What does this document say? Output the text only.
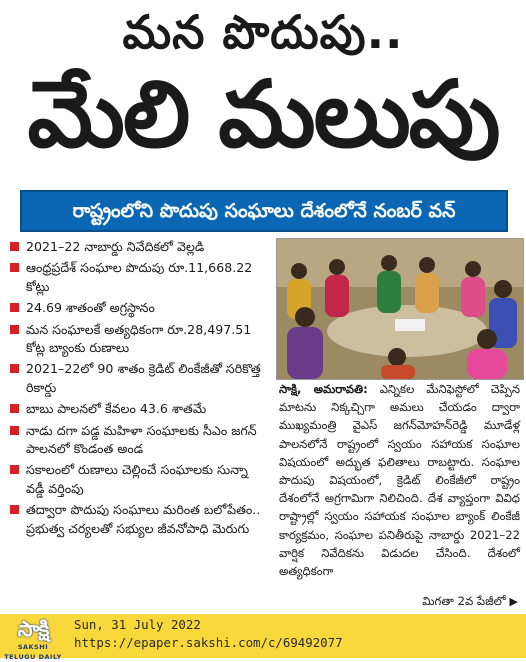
మన పొదుపు..
మేలి మలుపు
రాష్ట్రంలోని పొదుపు సంఘాలు దేశంలోనే నంబర్ వన్
2021–22 నాబార్డు నివేదికలో వెల్లడి
ఆంధ్రప్రదేశ్ సంఘాల పొదుపు రూ.11,668.22 కోట్లు
24.69 శాతంతో అగ్రస్థానం
మన సంఘాలకే అత్యధికంగా రూ.28,497.51 కోట్ల బ్యాంకు రుణాలు
2021–22లో 90 శాతం క్రెడిట్ లింకేజీతో సరికొత్త రికార్డు
బాబు పాలనలో కేవలం 43.6 శాతమే
నాడు దగా పడ్డ మహిళా సంఘాలకు సీఎం జగన్ పాలనలో కొండంత అండ
సకాలంలో రుణాలు చెల్లించే సంఘాలకు సున్నా వడ్డీ వర్తింపు
తద్వారా పొదుపు సంఘాలు మరింత బలోపేతం.. ప్రభుత్వ చర్యలతో సభ్యుల జీవనోపాధి మెరుగు

సాక్షి, అమరావతి: ఎన్నికల మేనిఫెస్టోలో చెప్పిన మాటను నిక్కచ్చిగా అమలు చేయడం ద్వారా ముఖ్యమంత్రి వైఎస్ జగన్‌మోహన్‌రెడ్డి మూడేళ్ల పాలనలోనే రాష్ట్రంలో స్వయం సహాయక సంఘాల విషయంలో అద్భుత ఫలితాలు రాబట్టారు. సంఘాల పొదుపు విషయంలో, క్రెడిట్ లింకేజీలో రాష్ట్రం దేశంలోనే అగ్రగామిగా నిలిచింది. దేశ వ్యాప్తంగా వివిధ రాష్ట్రాల్లో స్వయం సహాయక సంఘాల బ్యాంక్ లింకేజీ కార్యక్రమం, సంఘాల పనితీరుపై నాబార్డు 2021–22 వార్షిక నివేదికను విడుదల చేసింది. దేశంలో అత్యధికంగా

మిగతా 2వ పేజీలో ▶
సాక్షి
SAKSHI TELUGU DAILY
Sun, 31 July 2022
https://epaper.sakshi.com/c/69492077
